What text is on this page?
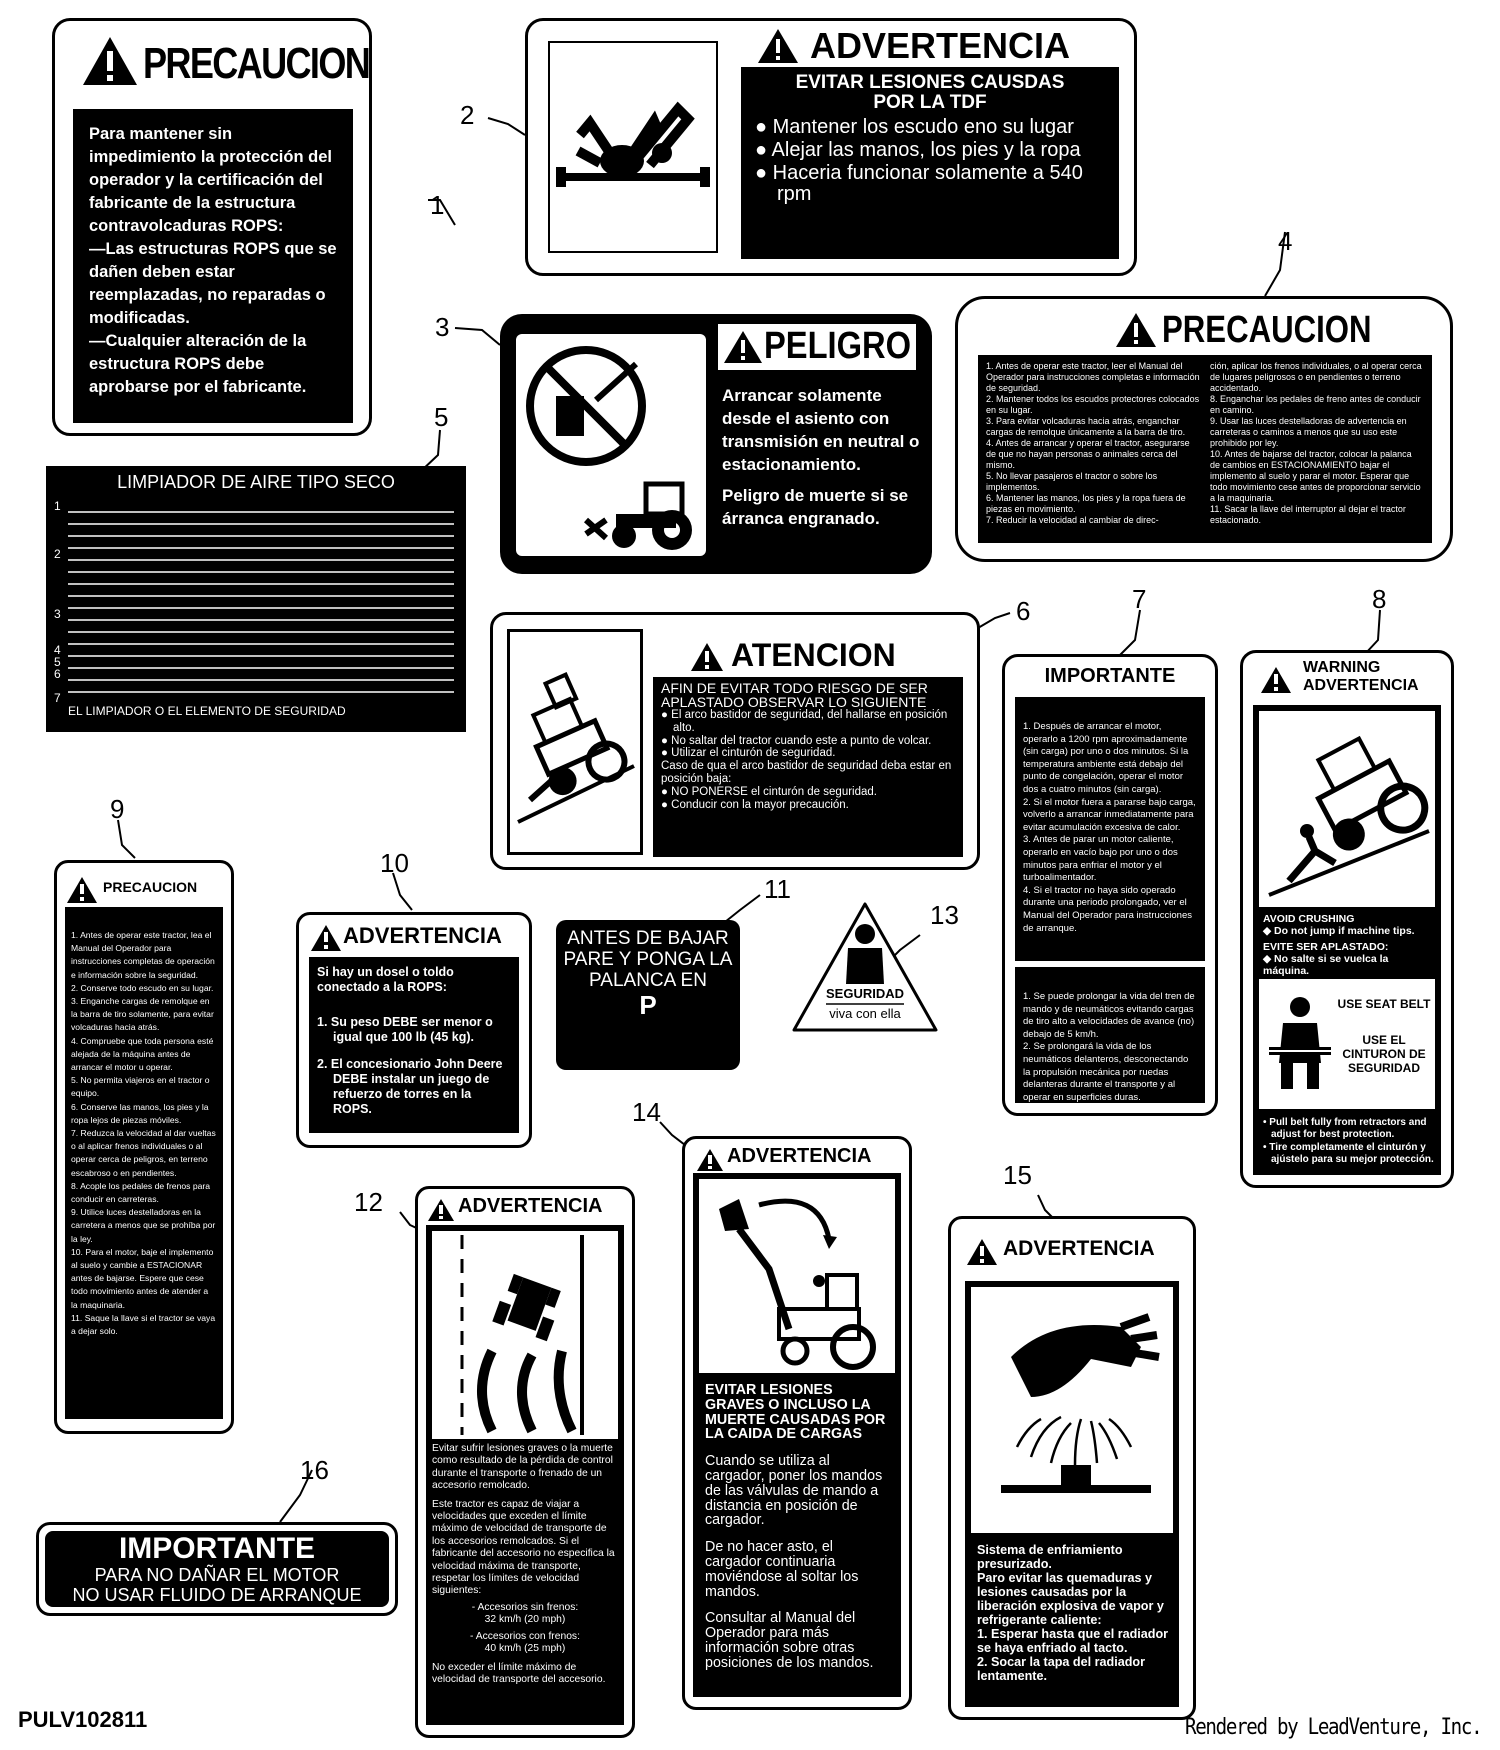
1
2
3
4
5
6	7	8
9
10
11
12
13
14
15
16
PRECAUCION
Para mantener sin impedimiento la protección del operador y la certificación del fabricante de la estructura contravolcaduras ROPS:
—Las estructuras ROPS que se dañen deben estar reemplazadas, no reparadas o modificadas.
—Cualquier alteración de la estructura ROPS debe aprobarse por el fabricante.
ADVERTENCIA
EVITAR LESIONES CAUSDAS POR LA TDF
● Mantener los escudo eno su lugar
● Alejar las manos, los pies y la ropa
● Haceria funcionar solamente a 540 rpm
PELIGRO
Arrancar solamente desde el asiento con transmisión en neutral o estacionamiento.
Peligro de muerte si se árranca engranado.
PRECAUCION
1. Antes de operar este tractor, leer el Manual del Operador para instrucciones completas e información de seguridad.
2. Mantener todos los escudos protectores colocados en su lugar.
3. Para evitar volcaduras hacia atrás, enganchar cargas de remolque únicamente a la barra de tiro.
4. Antes de arrancar y operar el tractor, asegurarse de que no hayan personas o animales cerca del mismo.
5. No llevar pasajeros el tractor o sobre los implementos.
6. Mantener las manos, los pies y la ropa fuera de piezas en movimiento.
7. Reducir la velocidad al cambiar de direc-
ción, aplicar los frenos individuales, o al operar cerca de lugares peligrosos o en pendientes o terreno accidentado.
8. Enganchar los pedales de freno antes de conducir en camino.
9. Usar las luces destelladoras de advertencia en carreteras o caminos a menos que su uso este prohibido por ley.
10. Antes de bajarse del tractor, colocar la palanca de cambios en ESTACIONAMIENTO bajar el implemento al suelo y parar el motor. Esperar que todo movimiento cese antes de proporcionar servicio a la maquinaria.
11. Sacar la llave del interruptor al dejar el tractor estacionado.
LIMPIADOR DE AIRE TIPO SECO
1
2
3
4
5
6
7
EL LIMPIADOR O EL ELEMENTO DE SEGURIDAD
ATENCION
AFIN DE EVITAR TODO RIESGO DE SER APLASTADO OBSERVAR LO SIGUIENTE
● El arco bastidor de seguridad, del hallarse en posición alto.
● No saltar del tractor cuando este a punto de volcar.
● Utilizar el cinturón de seguridad.
Caso de qua el arco bastidor de seguridad deba estar en posición baja:
● NO PONERSE el cinturón de seguridad.
● Conducir con la mayor precaución.
IMPORTANTE

1. Después de arrancar el motor, operarlo a 1200 rpm aproximadamente (sin carga) por uno o dos minutos. Si la temperatura ambiente está debajo del punto de congelación, operar el motor dos a cuatro minutos (sin carga).
2. Si el motor fuera a pararse bajo carga, volverlo a arrancar inmediatamente para evitar acumulación excesiva de calor.
3. Antes de parar un motor caliente, operarlo en vacío bajo por uno o dos minutos para enfriar el motor y el turboalimentador.
4. Si el tractor no haya sido operado durante una periodo prolongado, ver el Manual del Operador para instrucciones de arranque.

1. Se puede prolongar la vida del tren de mando y de neumáticos evitando cargas de tiro alto a velocidades de avance (no) debajo de 5 km/h.
2. Se prolongará la vida de los neumáticos delanteros, desconectando la propulsión mecánica por ruedas delanteras durante el transporte y al operar en superficies duras.

WARNING
ADVERTENCIA
AVOID CRUSHING
◆ Do not jump if machine tips.
EVITE SER APLASTADO:
◆ No salte si se vuelca la máquina.
USE SEAT BELT
USE EL CINTURON DE SEGURIDAD
• Pull belt fully from retractors and adjust for best protection.
• Tire completamente el cinturón y ajústelo para su mejor protección.
PRECAUCION

1. Antes de operar este tractor, lea el Manual del Operador para instrucciones completas de operación e información sobre la seguridad.
2. Conserve todo escudo en su lugar.
3. Enganche cargas de remolque en la barra de tiro solamente, para evitar volcaduras hacia atrás.
4. Compruebe que toda persona esté alejada de la máquina antes de arrancar el motor u operar.
5. No permita viajeros en el tractor o equipo.
6. Conserve las manos, los pies y la ropa lejos de piezas móviles.
7. Reduzca la velocidad al dar vueltas o al aplicar frenos individuales o al operar cerca de peligros, en terreno escabroso o en pendientes.
8. Acople los pedales de frenos para conducir en carreteras.
9. Utilice luces destelladoras en la carretera a menos que se prohíba por la ley.
10. Para el motor, baje el implemento al suelo y cambie a ESTACIONAR antes de bajarse. Espere que cese todo movimiento antes de atender a la maquinaria.
11. Saque la llave si el tractor se vaya a dejar solo.

ADVERTENCIA
Si hay un dosel o toldo conectado a la ROPS:
1. Su peso DEBE ser menor o igual que 100 lb (45 kg).
2. El concesionario John Deere DEBE instalar un juego de refuerzo de torres en la ROPS.
ANTES DE BAJAR PARE Y PONGA LA PALANCA EN
P	SEGURIDAD
viva con ella
ADVERTENCIA
Evitar sufrir lesiones graves o la muerte como resultado de la pérdida de control durante el transporte o frenado de un accesorio remolcado.
Este tractor es capaz de viajar a velocidades que exceden el límite máximo de velocidad de transporte de los accesorios remolcados. Si el fabricante del accesorio no especifica la velocidad máxima de transporte, respetar los límites de velocidad siguientes:
- Accesorios sin frenos:
32 km/h (20 mph)
- Accesorios con frenos:
40 km/h (25 mph)
No exceder el límite máximo de velocidad de transporte del accesorio.
ADVERTENCIA
EVITAR LESIONES GRAVES O INCLUSO LA MUERTE CAUSADAS POR LA CAIDA DE CARGAS
Cuando se utiliza al cargador, poner los mandos de las válvulas de mando a distancia en posición de cargador.
De no hacer asto, el cargador continuaria moviéndose al soltar los mandos.
Consultar al Manual del Operador para más información sobre otras posiciones de los mandos.
ADVERTENCIA
Sistema de enfriamiento presurizado.
Paro evitar las quemaduras y lesiones causadas por la liberación explosiva de vapor y refrigerante caliente:
1. Esperar hasta que el radiador se haya enfriado al tacto.
2. Socar la tapa del radiador lentamente.
IMPORTANTE
PARA NO DAÑAR EL MOTOR
NO USAR FLUIDO DE ARRANQUE
PULV102811	Rendered by LeadVenture, Inc.
